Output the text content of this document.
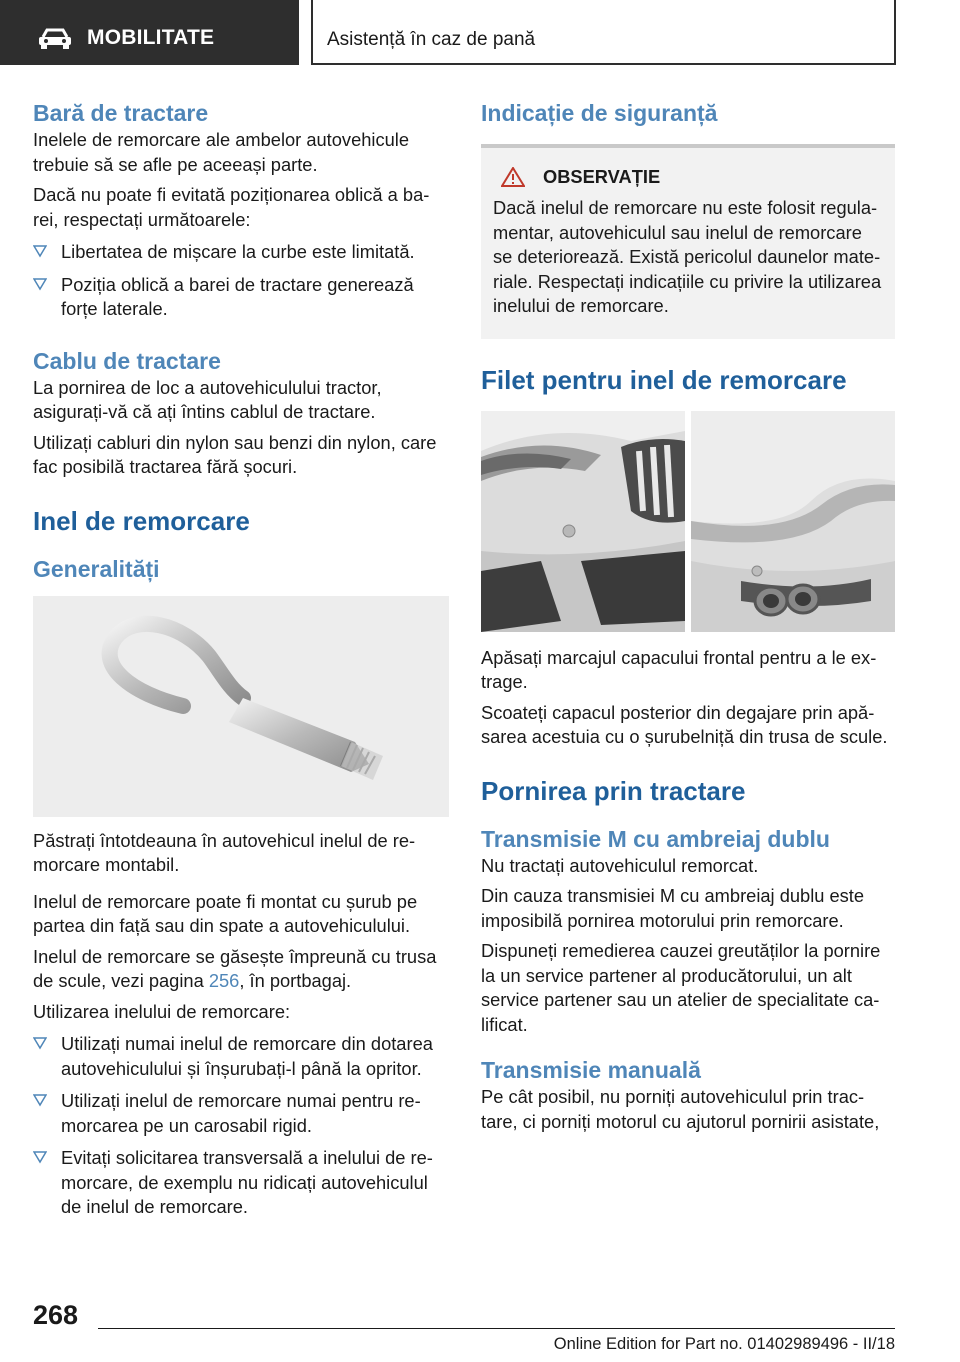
MOBILITATE	Asistență în caz de pană
Bară de tractare

Inelele de remorcare ale ambelor autovehicule trebuie să se afle pe aceeași parte.

Dacă nu poate fi evitată poziționarea oblică a ba-
rei, respectați următoarele:

Libertatea de mișcare la curbe este limitată.
Poziția oblică a barei de tractare generează forțe laterale.
Cablu de tractare

La pornirea de loc a autovehiculului tractor, asigurați-vă că ați întins cablul de tractare.

Utilizați cabluri din nylon sau benzi din nylon, care fac posibilă tractarea fără șocuri.

Inel de remorcare
Generalități

Păstrați întotdeauna în autovehicul inelul de re-
morcare montabil.

Inelul de remorcare poate fi montat cu șurub pe partea din față sau din spate a autovehiculului.

Inelul de remorcare se găsește împreună cu trusa de scule, vezi pagina 256, în portbagaj.

Utilizarea inelului de remorcare:

Utilizați numai inelul de remorcare din dotarea autovehiculului și înșurubați-l până la opritor.
Utilizați inelul de remorcare numai pentru re-
morcarea pe un carosabil rigid.
Evitați solicitarea transversală a inelului de re-
morcare, de exemplu nu ridicați autovehiculul de inelul de remorcare.
Indicație de siguranță
OBSERVAȚIE

Dacă inelul de remorcare nu este folosit regula-
mentar, autovehiculul sau inelul de remorcare se deteriorează. Există pericolul daunelor mate-
riale. Respectați indicațiile cu privire la utilizarea inelului de remorcare.

Filet pentru inel de remorcare

Apăsați marcajul capacului frontal pentru a le ex-
trage.

Scoateți capacul posterior din degajare prin apă-
sarea acestuia cu o șurubelniță din trusa de scule.

Pornirea prin tractare
Transmisie M cu ambreiaj dublu

Nu tractați autovehiculul remorcat.

Din cauza transmisiei M cu ambreiaj dublu este imposibilă pornirea motorului prin remorcare.

Dispuneți remedierea cauzei greutăților la pornire la un service partener al producătorului, un alt service partener sau un atelier de specialitate ca-
lificat.

Transmisie manuală

Pe cât posibil, nu porniți autovehiculul prin trac-
tare, ci porniți motorul cu ajutorul pornirii asistate,

268
Online Edition for Part no. 01402989496 - II/18
